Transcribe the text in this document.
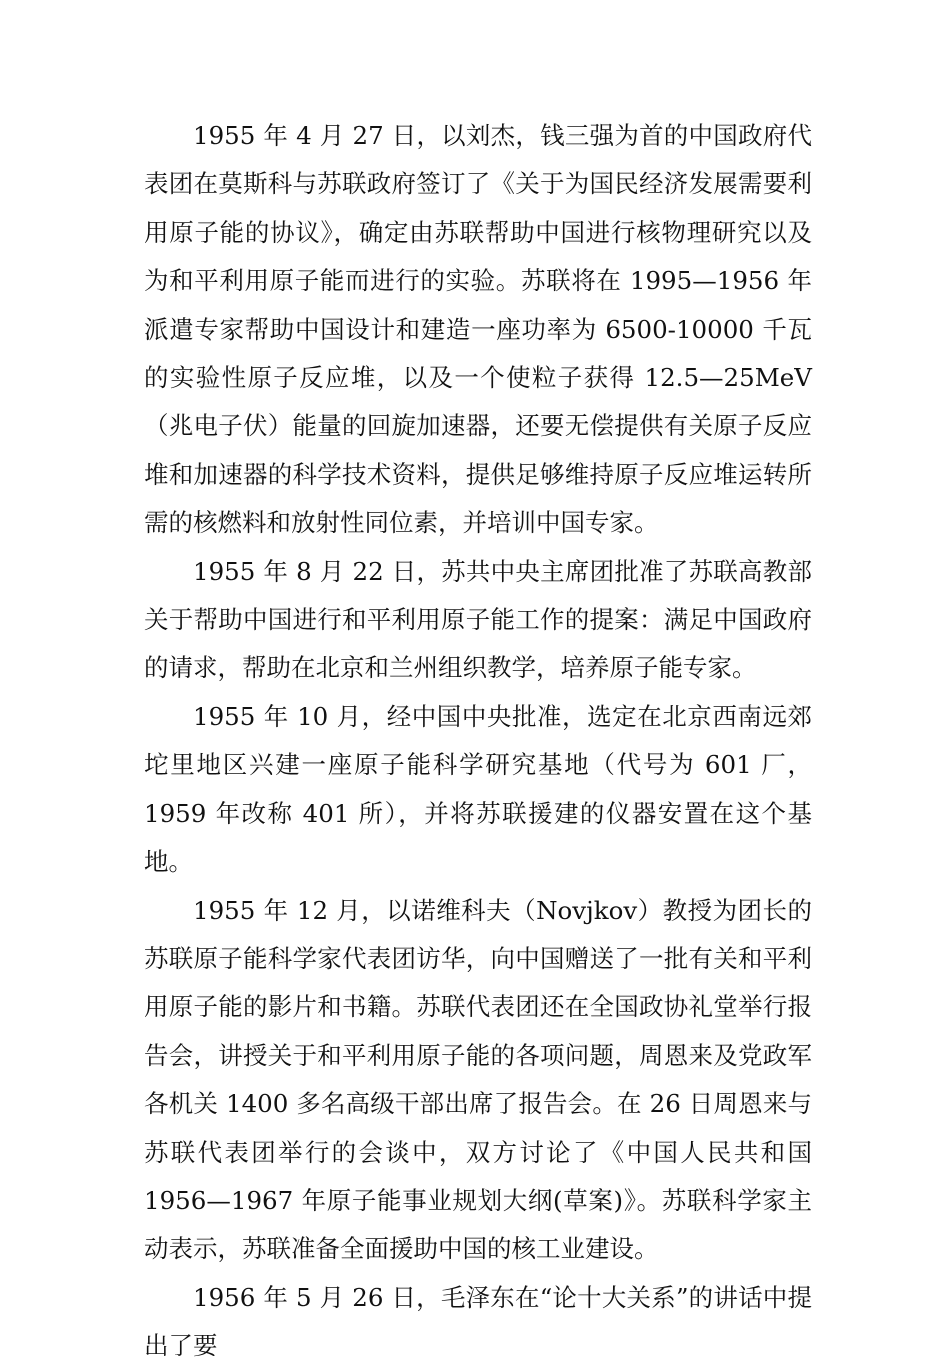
1955 年 4 月 27 日，以刘杰，钱三强为首的中国政府代表团在莫斯科与苏联政府签订了《关于为国民经济发展需要利用原子能的协议》，确定由苏联帮助中国进行核物理研究以及为和平利用原子能而进行的实验。苏联将在 1995—1956 年派遣专家帮助中国设计和建造一座功率为 6500-10000 千瓦的实验性原子反应堆，以及一个使粒子获得 12.5—25MeV（兆电子伏）能量的回旋加速器，还要无偿提供有关原子反应堆和加速器的科学技术资料，提供足够维持原子反应堆运转所需的核燃料和放射性同位素，并培训中国专家。

1955 年 8 月 22 日，苏共中央主席团批准了苏联高教部关于帮助中国进行和平利用原子能工作的提案：满足中国政府的请求，帮助在北京和兰州组织教学，培养原子能专家。

1955 年 10 月，经中国中央批准，选定在北京西南远郊坨里地区兴建一座原子能科学研究基地（代号为 601 厂，1959 年改称 401 所），并将苏联援建的仪器安置在这个基地。

1955 年 12 月，以诺维科夫（Novjkov）教授为团长的苏联原子能科学家代表团访华，向中国赠送了一批有关和平利用原子能的影片和书籍。苏联代表团还在全国政协礼堂举行报告会，讲授关于和平利用原子能的各项问题，周恩来及党政军各机关 1400 多名高级干部出席了报告会。在 26 日周恩来与苏联代表团举行的会谈中，双方讨论了《中国人民共和国 1956—1967 年原子能事业规划大纲(草案)》。苏联科学家主动表示，苏联准备全面援助中国的核工业建设。

1956 年 5 月 26 日，毛泽东在“论十大关系”的讲话中提出了要
